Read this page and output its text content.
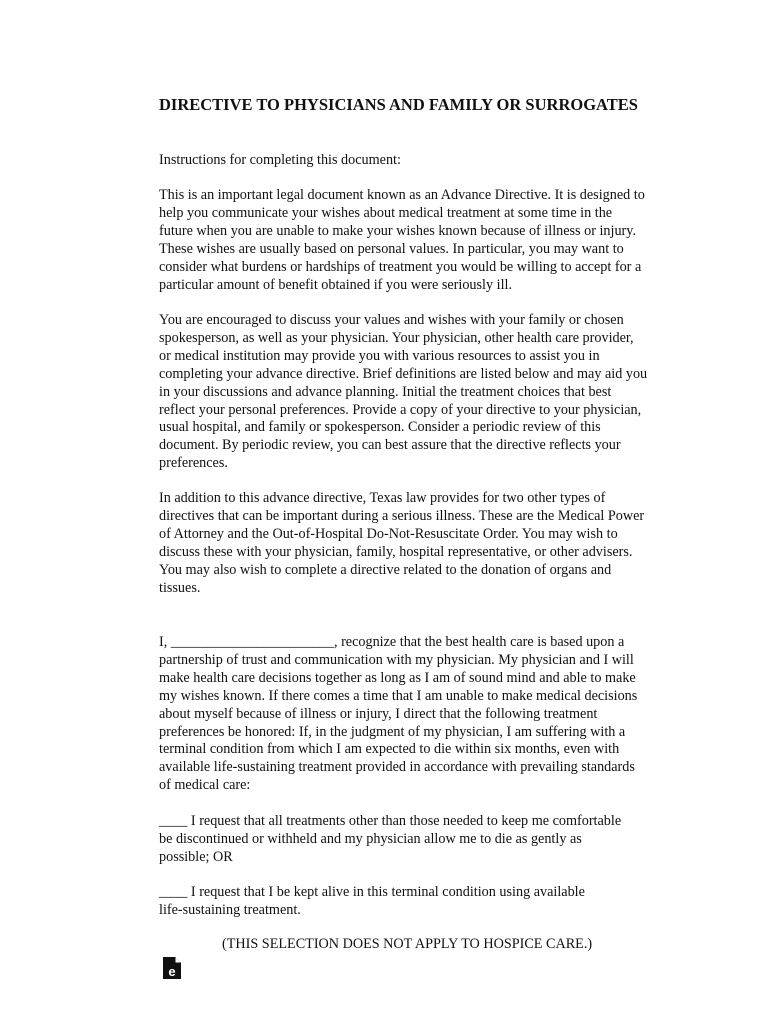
DIRECTIVE TO PHYSICIANS AND FAMILY OR SURROGATES

Instructions for completing this document:

This is an important legal document known as an Advance Directive. It is designed to
help you communicate your wishes about medical treatment at some time in the
future when you are unable to make your wishes known because of illness or injury.
These wishes are usually based on personal values. In particular, you may want to
consider what burdens or hardships of treatment you would be willing to accept for a
particular amount of benefit obtained if you were seriously ill.

You are encouraged to discuss your values and wishes with your family or chosen
spokesperson, as well as your physician. Your physician, other health care provider,
or medical institution may provide you with various resources to assist you in
completing your advance directive. Brief definitions are listed below and may aid you
in your discussions and advance planning. Initial the treatment choices that best
reflect your personal preferences. Provide a copy of your directive to your physician,
usual hospital, and family or spokesperson. Consider a periodic review of this
document. By periodic review, you can best assure that the directive reflects your
preferences.

In addition to this advance directive, Texas law provides for two other types of
directives that can be important during a serious illness. These are the Medical Power
of Attorney and the Out-of-Hospital Do-Not-Resuscitate Order. You may wish to
discuss these with your physician, family, hospital representative, or other advisers.
You may also wish to complete a directive related to the donation of organs and
tissues.

I, _______________________, recognize that the best health care is based upon a
partnership of trust and communication with my physician. My physician and I will
make health care decisions together as long as I am of sound mind and able to make
my wishes known. If there comes a time that I am unable to make medical decisions
about myself because of illness or injury, I direct that the following treatment
preferences be honored: If, in the judgment of my physician, I am suffering with a
terminal condition from which I am expected to die within six months, even with
available life-sustaining treatment provided in accordance with prevailing standards
of medical care:

____ I request that all treatments other than those needed to keep me comfortable
be discontinued or withheld and my physician allow me to die as gently as
possible; OR

____ I request that I be kept alive in this terminal condition using available
life-sustaining treatment.

(THIS SELECTION DOES NOT APPLY TO HOSPICE CARE.)

e
